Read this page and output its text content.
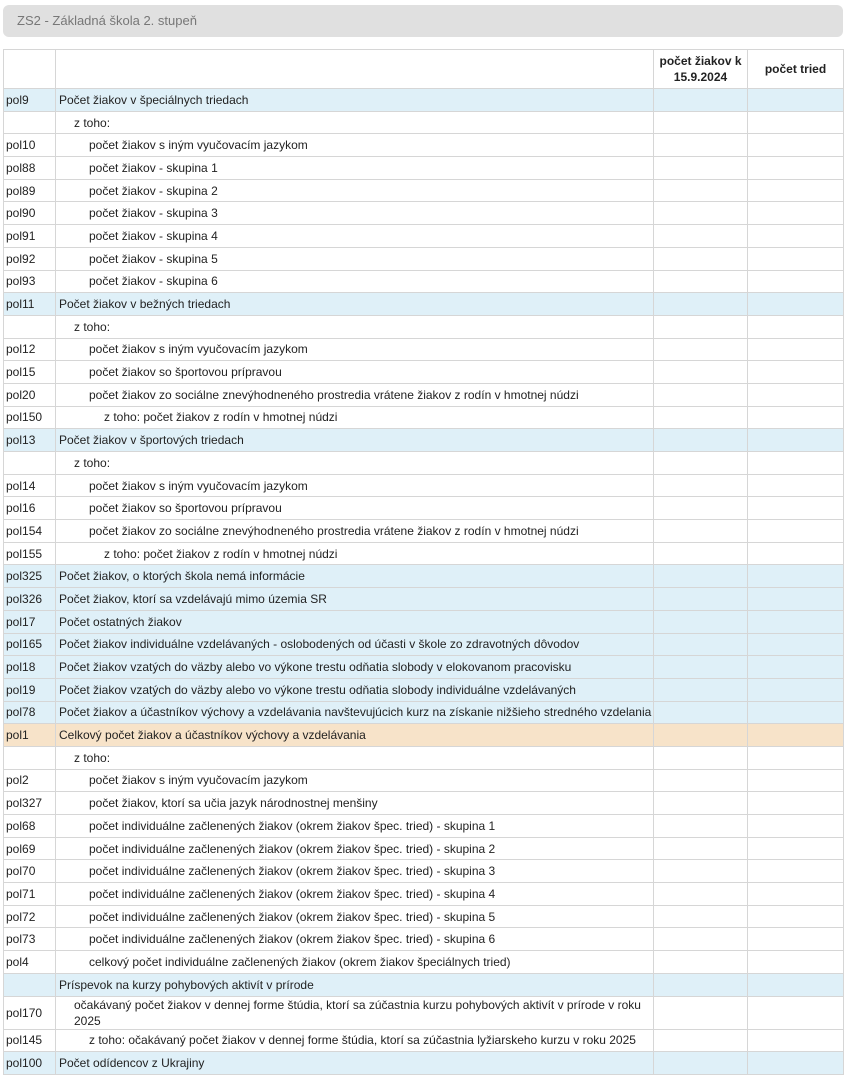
ZS2 - Základná škola 2. stupeň
		počet žiakov k 15.9.2024	počet tried
pol9	Počet žiakov v špeciálnych triedach		
	z toho:		
pol10	počet žiakov s iným vyučovacím jazykom		
pol88	počet žiakov - skupina 1		
pol89	počet žiakov - skupina 2		
pol90	počet žiakov - skupina 3		
pol91	počet žiakov - skupina 4		
pol92	počet žiakov - skupina 5		
pol93	počet žiakov - skupina 6		
pol11	Počet žiakov v bežných triedach		
	z toho:		
pol12	počet žiakov s iným vyučovacím jazykom		
pol15	počet žiakov so športovou prípravou		
pol20	počet žiakov zo sociálne znevýhodneného prostredia vrátene žiakov z rodín v hmotnej núdzi		
pol150	z toho: počet žiakov z rodín v hmotnej núdzi		
pol13	Počet žiakov v športových triedach		
	z toho:		
pol14	počet žiakov s iným vyučovacím jazykom		
pol16	počet žiakov so športovou prípravou		
pol154	počet žiakov zo sociálne znevýhodneného prostredia vrátene žiakov z rodín v hmotnej núdzi		
pol155	z toho: počet žiakov z rodín v hmotnej núdzi		
pol325	Počet žiakov, o ktorých škola nemá informácie		
pol326	Počet žiakov, ktorí sa vzdelávajú mimo územia SR		
pol17	Počet ostatných žiakov		
pol165	Počet žiakov individuálne vzdelávaných - oslobodených od účasti v škole zo zdravotných dôvodov		
pol18	Počet žiakov vzatých do väzby alebo vo výkone trestu odňatia slobody v elokovanom pracovisku		
pol19	Počet žiakov vzatých do väzby alebo vo výkone trestu odňatia slobody individuálne vzdelávaných		
pol78	Počet žiakov a účastníkov výchovy a vzdelávania navštevujúcich kurz na získanie nižšieho stredného vzdelania		
pol1	Celkový počet žiakov a účastníkov výchovy a vzdelávania		
	z toho:		
pol2	počet žiakov s iným vyučovacím jazykom		
pol327	počet žiakov, ktorí sa učia jazyk národnostnej menšiny		
pol68	počet individuálne začlenených žiakov (okrem žiakov špec. tried) - skupina 1		
pol69	počet individuálne začlenených žiakov (okrem žiakov špec. tried) - skupina 2		
pol70	počet individuálne začlenených žiakov (okrem žiakov špec. tried) - skupina 3		
pol71	počet individuálne začlenených žiakov (okrem žiakov špec. tried) - skupina 4		
pol72	počet individuálne začlenených žiakov (okrem žiakov špec. tried) - skupina 5		
pol73	počet individuálne začlenených žiakov (okrem žiakov špec. tried) - skupina 6		
pol4	celkový počet individuálne začlenených žiakov (okrem žiakov špeciálnych tried)		
	Príspevok na kurzy pohybových aktivít v prírode		
pol170	očakávaný počet žiakov v dennej forme štúdia, ktorí sa zúčastnia kurzu pohybových aktivít v prírode v roku 2025		
pol145	z toho: očakávaný počet žiakov v dennej forme štúdia, ktorí sa zúčastnia lyžiarskeho kurzu v roku 2025		
pol100	Počet odídencov z Ukrajiny		
